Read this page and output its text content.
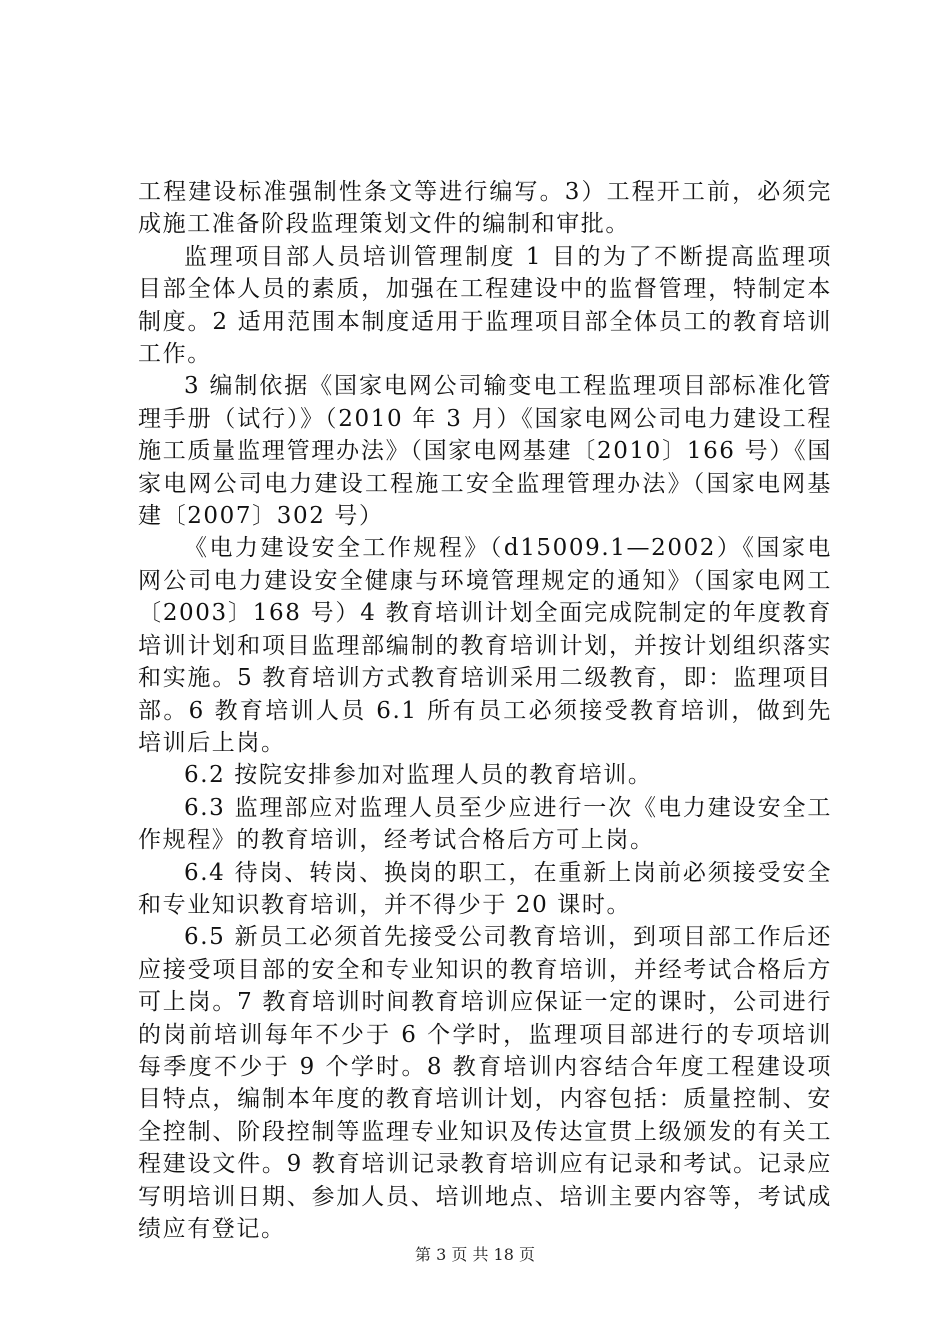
工程建设标准强制性条文等进行编写。3）工程开工前，必须完成施工准备阶段监理策划文件的编制和审批。

监理项目部人员培训管理制度 1 目的为了不断提高监理项目部全体人员的素质，加强在工程建设中的监督管理，特制定本制度。2 适用范围本制度适用于监理项目部全体员工的教育培训工作。

3 编制依据《国家电网公司输变电工程监理项目部标准化管理手册（试行）》（2010 年 3 月）《国家电网公司电力建设工程施工质量监理管理办法》（国家电网基建〔2010〕166 号）《国家电网公司电力建设工程施工安全监理管理办法》（国家电网基建〔2007〕302 号）

《电力建设安全工作规程》（d15009.1—2002）《国家电网公司电力建设安全健康与环境管理规定的通知》（国家电网工〔2003〕168 号）4 教育培训计划全面完成院制定的年度教育培训计划和项目监理部编制的教育培训计划，并按计划组织落实和实施。5 教育培训方式教育培训采用二级教育，即：监理项目部。6 教育培训人员 6.1 所有员工必须接受教育培训，做到先培训后上岗。

6.2 按院安排参加对监理人员的教育培训。

6.3 监理部应对监理人员至少应进行一次《电力建设安全工作规程》的教育培训，经考试合格后方可上岗。

6.4 待岗、转岗、换岗的职工，在重新上岗前必须接受安全和专业知识教育培训，并不得少于 20 课时。

6.5 新员工必须首先接受公司教育培训，到项目部工作后还应接受项目部的安全和专业知识的教育培训，并经考试合格后方可上岗。7 教育培训时间教育培训应保证一定的课时，公司进行的岗前培训每年不少于 6 个学时，监理项目部进行的专项培训每季度不少于 9 个学时。8 教育培训内容结合年度工程建设项目特点，编制本年度的教育培训计划，内容包括：质量控制、安全控制、阶段控制等监理专业知识及传达宣贯上级颁发的有关工程建设文件。9 教育培训记录教育培训应有记录和考试。记录应写明培训日期、参加人员、培训地点、培训主要内容等，考试成绩应有登记。

第 3 页 共 18 页
